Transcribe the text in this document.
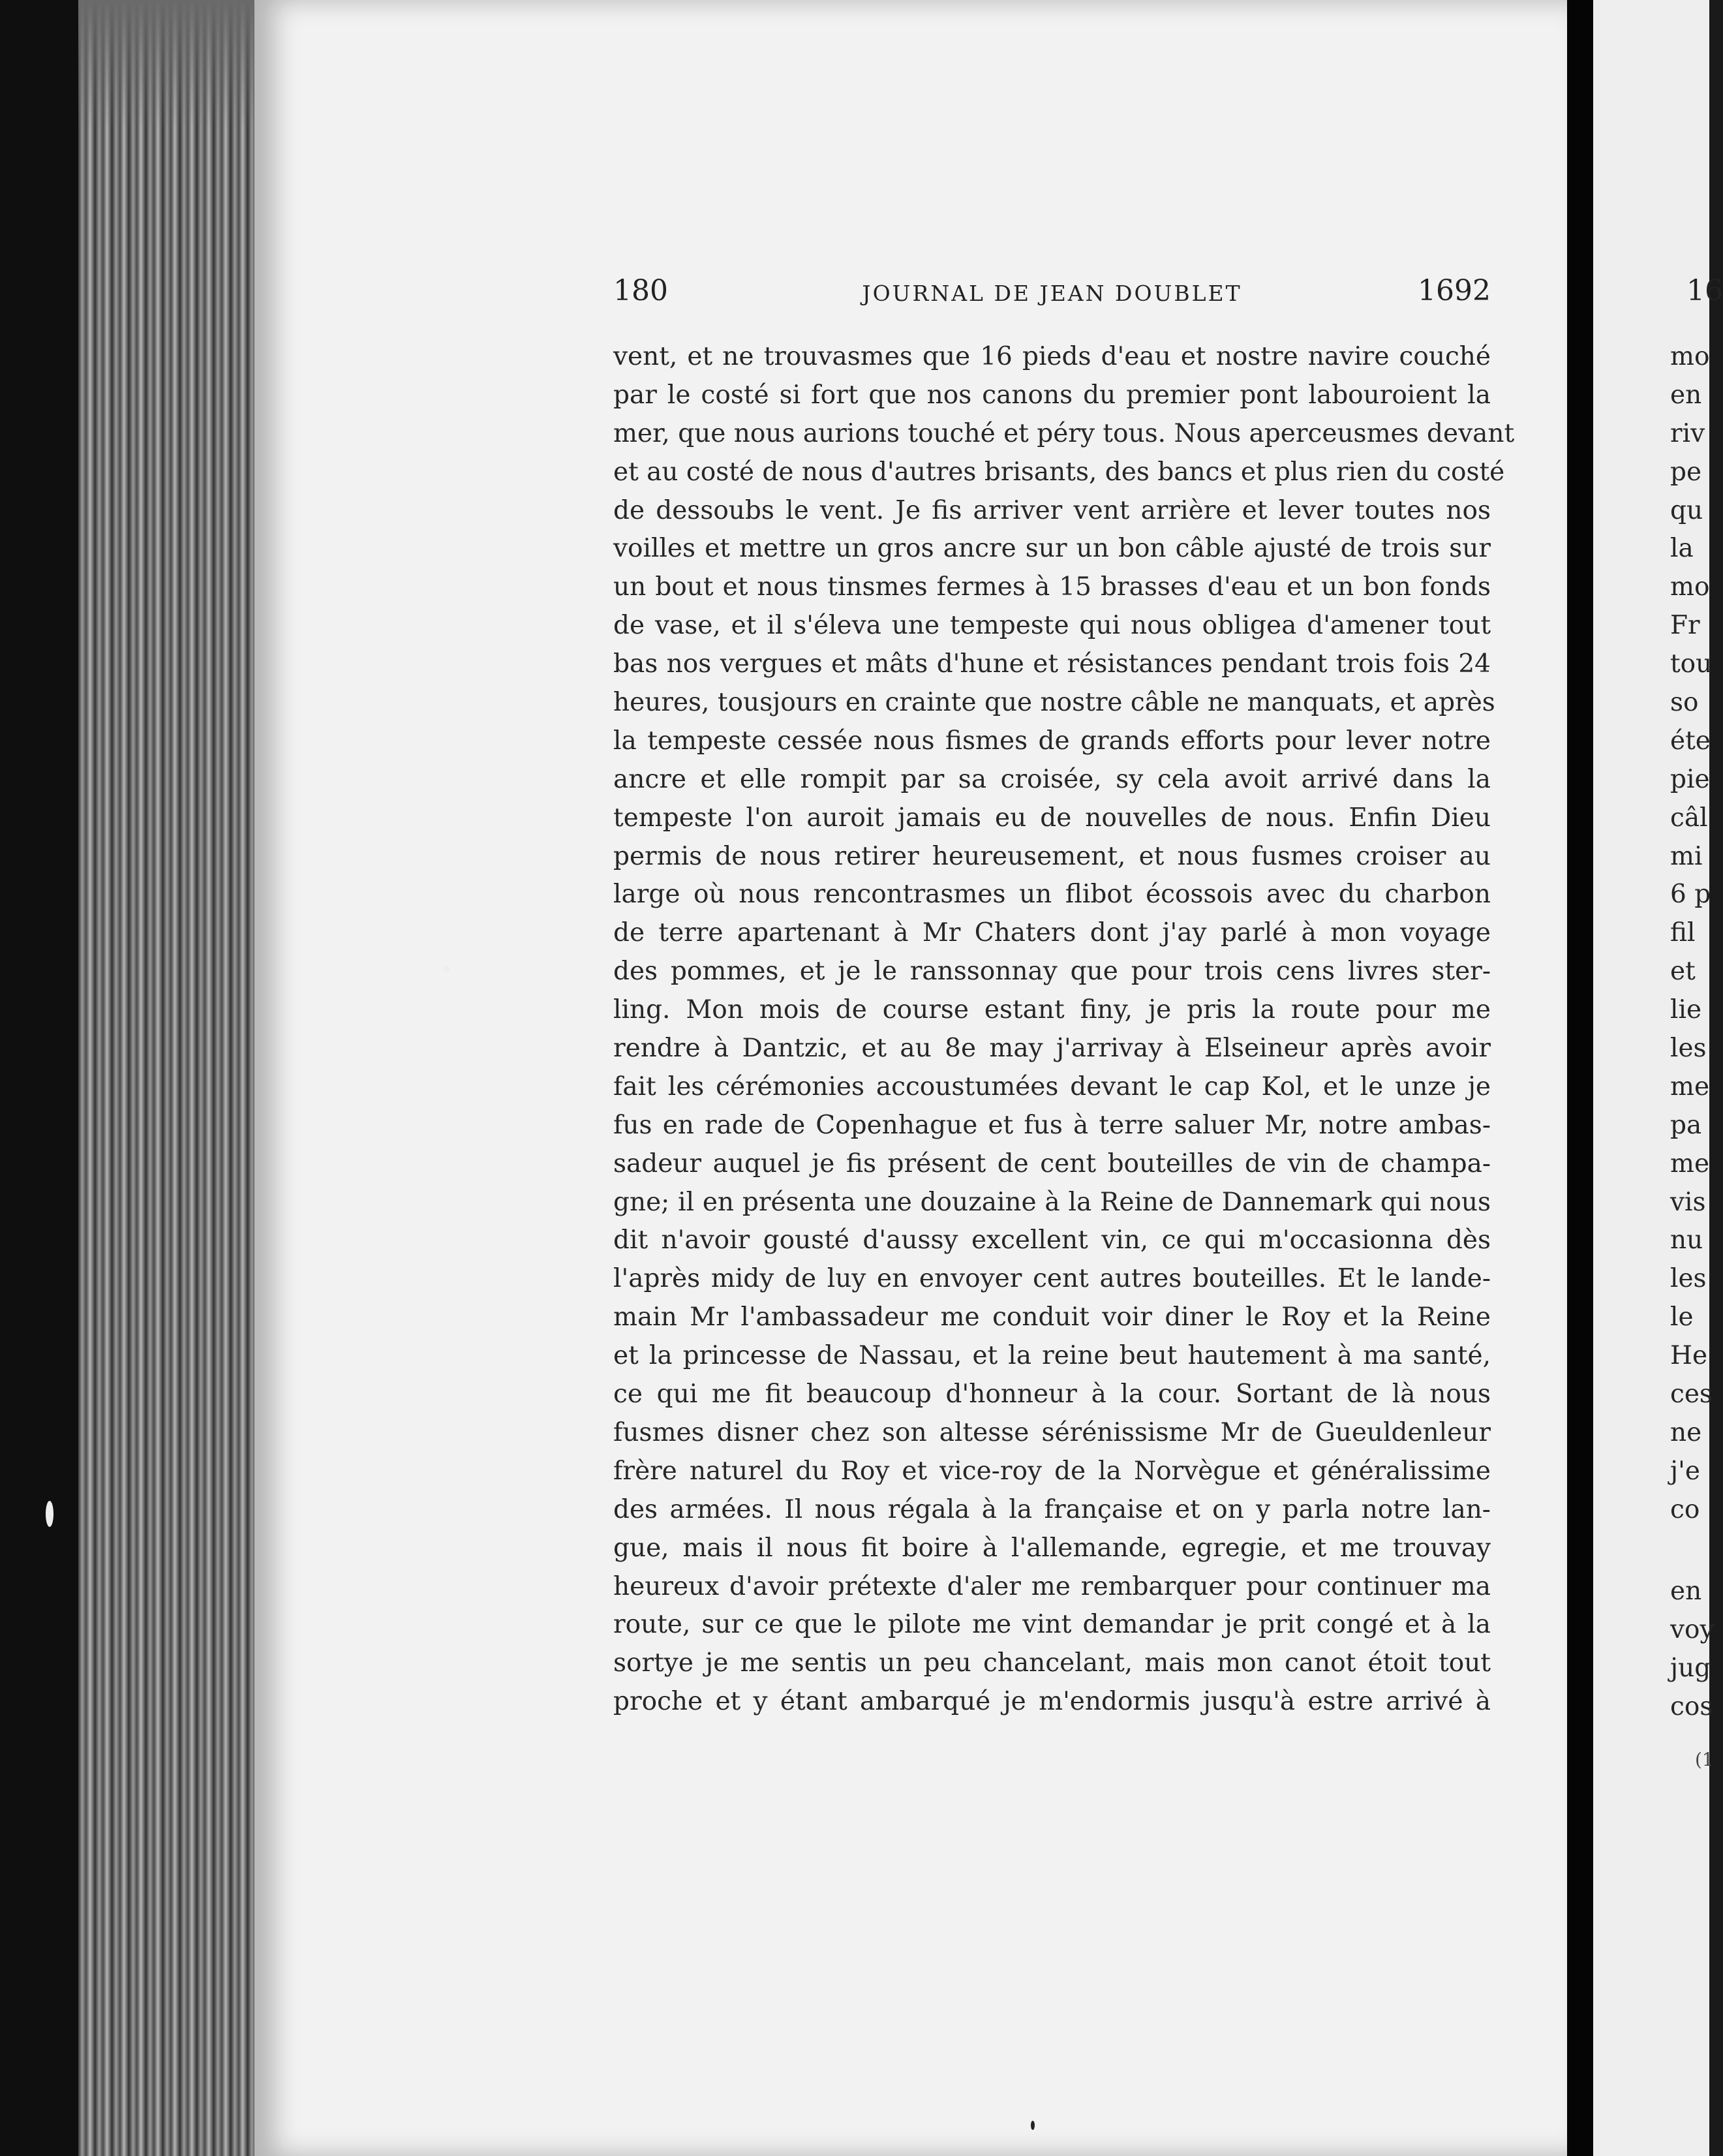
180	JOURNAL DE JEAN DOUBLET	1692
vent, et ne trouvasmes que 16 pieds d'eau et nostre navire couché
par le costé si fort que nos canons du premier pont labouroient la
mer, que nous aurions touché et péry tous. Nous aperceusmes devant
et au costé de nous d'autres brisants, des bancs et plus rien du costé
de dessoubs le vent. Je fis arriver vent arrière et lever toutes nos
voilles et mettre un gros ancre sur un bon câble ajusté de trois sur
un bout et nous tinsmes fermes à 15 brasses d'eau et un bon fonds
de vase, et il s'éleva une tempeste qui nous obligea d'amener tout
bas nos vergues et mâts d'hune et résistances pendant trois fois 24
heures, tousjours en crainte que nostre câble ne manquats, et après
la tempeste cessée nous fismes de grands efforts pour lever notre
ancre et elle rompit par sa croisée, sy cela avoit arrivé dans la
tempeste l'on auroit jamais eu de nouvelles de nous. Enfin Dieu
permis de nous retirer heureusement, et nous fusmes croiser au
large où nous rencontrasmes un flibot écossois avec du charbon
de terre apartenant à Mr Chaters dont j'ay parlé à mon voyage
des pommes, et je le ranssonnay que pour trois cens livres ster-
ling. Mon mois de course estant finy, je pris la route pour me
rendre à Dantzic, et au 8e may j'arrivay à Elseineur après avoir
fait les cérémonies accoustumées devant le cap Kol, et le unze je
fus en rade de Copenhague et fus à terre saluer Mr, notre ambas-
sadeur auquel je fis présent de cent bouteilles de vin de champa-
gne; il en présenta une douzaine à la Reine de Dannemark qui nous
dit n'avoir gousté d'aussy excellent vin, ce qui m'occasionna dès
l'après midy de luy en envoyer cent autres bouteilles. Et le lande-
main Mr l'ambassadeur me conduit voir diner le Roy et la Reine
et la princesse de Nassau, et la reine beut hautement à ma santé,
ce qui me fit beaucoup d'honneur à la cour. Sortant de là nous
fusmes disner chez son altesse sérénissisme Mr de Gueuldenleur
frère naturel du Roy et vice-roy de la Norvègue et généralissime
des armées. Il nous régala à la française et on y parla notre lan-
gue, mais il nous fit boire à l'allemande, egregie, et me trouvay
heureux d'avoir prétexte d'aler me rembarquer pour continuer ma
route, sur ce que le pilote me vint demandar je prit congé et à la
sortye je me sentis un peu chancelant, mais mon canot étoit tout
proche et y étant ambarqué je m'endormis jusqu'à estre arrivé à
16
mo
en
riv
pe
qu
la
mo
Fr
tou
so
éte
pie
câl
mi
6 p
fil
et
lie
les
me
pa
me
vis
nu
les
le
He
ces
ne
j'e
co
en
voy
jug
cos
(1
